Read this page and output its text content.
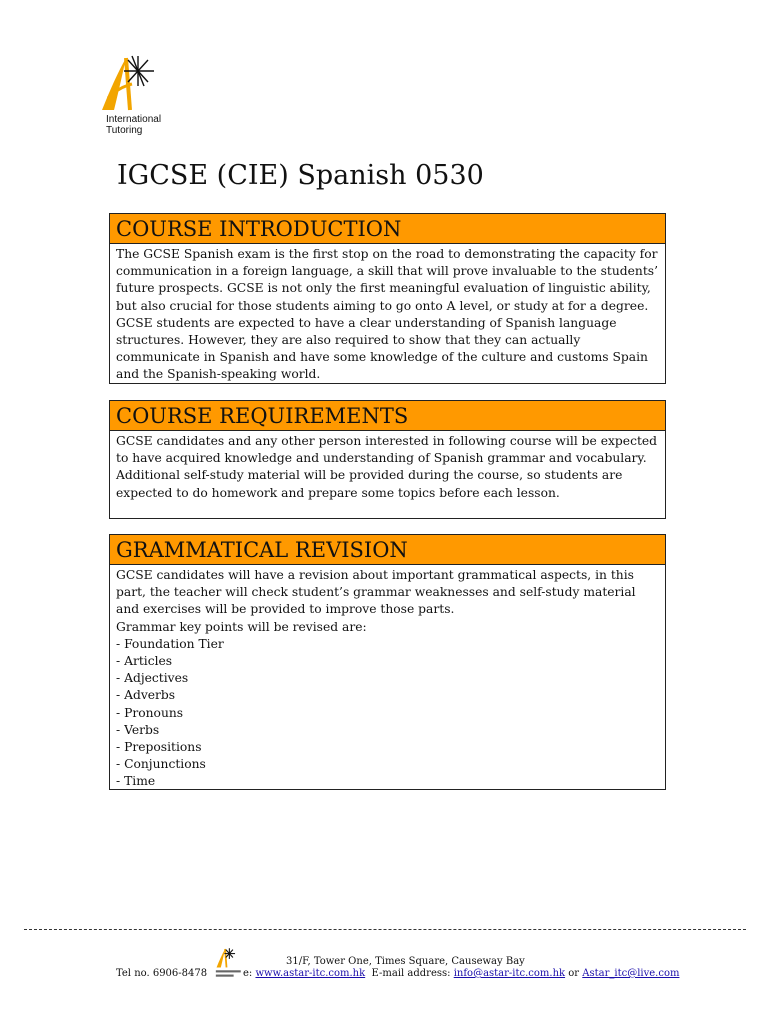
International
Tutoring
IGCSE (CIE) Spanish 0530
COURSE INTRODUCTION

The GCSE Spanish exam is the first stop on the road to demonstrating the capacity for communication in a foreign language, a skill that will prove invaluable to the students’ future prospects. GCSE is not only the first meaningful evaluation of linguistic ability, but also crucial for those students aiming to go onto A level, or study at for a degree. GCSE students are expected to have a clear understanding of Spanish language structures. However, they are also required to show that they can actually communicate in Spanish and have some knowledge of the culture and customs Spain and the Spanish-speaking world.

COURSE REQUIREMENTS

GCSE candidates and any other person interested in following course will be expected to have acquired knowledge and understanding of Spanish grammar and vocabulary. Additional self-study material will be provided during the course, so students are expected to do homework and prepare some topics before each lesson.

GRAMMATICAL REVISION

GCSE candidates will have a revision about important grammatical aspects, in this part, the teacher will check student’s grammar weaknesses and self-study material and exercises will be provided to improve those parts.

Grammar key points will be revised are:

- Foundation Tier
- Articles
- Adjectives
- Adverbs
- Pronouns
- Verbs
- Prepositions
- Conjunctions
- Time
31/F, Tower One, Times Square, Causeway Bay
Tel no. 6906-8478	e: www.astar-itc.com.hk E-mail address: info@astar-itc.com.hk or Astar_itc@live.com
